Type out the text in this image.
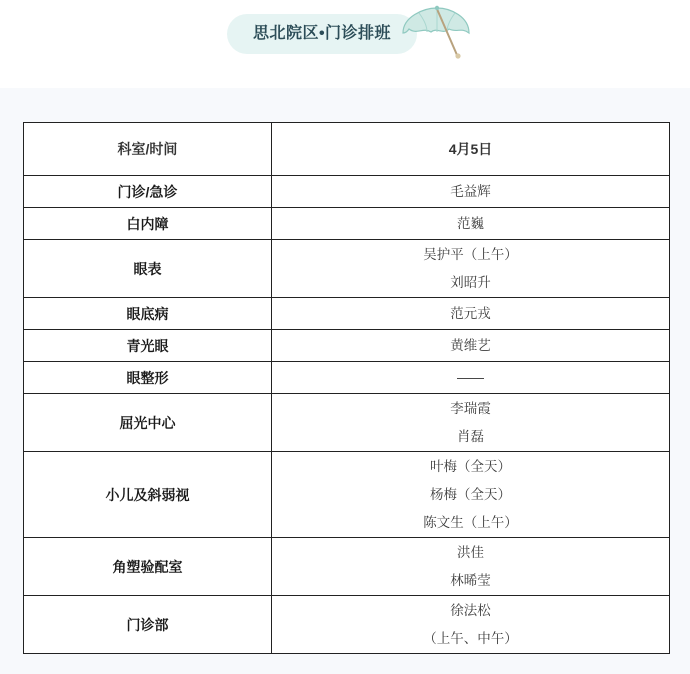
思北院区•门诊排班
科室/时间	4月5日
门诊/急诊	毛益辉

白内障	范巍

眼表	吴护平（上午）
刘昭升

眼底病	范元戎

青光眼	黄维艺

眼整形	——

屈光中心	李瑞霞
肖磊

小儿及斜弱视	叶梅（全天）
杨梅（全天）
陈文生（上午）

角塑验配室	洪佳
林晞莹

门诊部	徐法松
（上午、中午）
